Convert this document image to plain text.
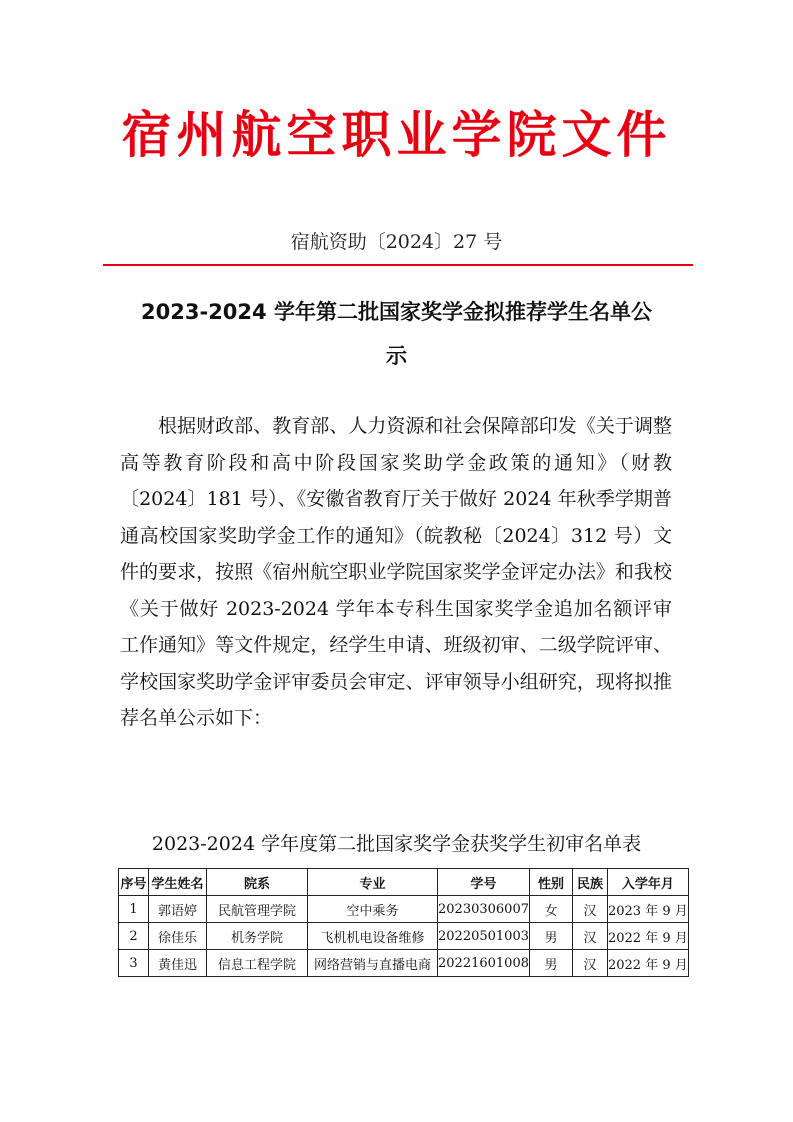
宿州航空职业学院文件
宿航资助〔2024〕27 号
2023-2024 学年第二批国家奖学金拟推荐学生名单公
示

根据财政部、教育部、人力资源和社会保障部印发《关于调整高等教育阶段和高中阶段国家奖助学金政策的通知》（财教〔2024〕181 号）、《安徽省教育厅关于做好 2024 年秋季学期普通高校国家奖助学金工作的通知》（皖教秘〔2024〕312 号）文件的要求，按照《宿州航空职业学院国家奖学金评定办法》和我校《关于做好 2023-2024 学年本专科生国家奖学金追加名额评审工作通知》等文件规定，经学生申请、班级初审、二级学院评审、学校国家奖助学金评审委员会审定、评审领导小组研究，现将拟推荐名单公示如下：

2023-2024 学年度第二批国家奖学金获奖学生初审名单表
序号	学生姓名	院系	专业	学号	性别	民族	入学年月
1	郭语婷	民航管理学院	空中乘务	20230306007	女	汉	2023 年 9 月
2	徐佳乐	机务学院	飞机机电设备维修	20220501003	男	汉	2022 年 9 月
3	黄佳迅	信息工程学院	网络营销与直播电商	20221601008	男	汉	2022 年 9 月
